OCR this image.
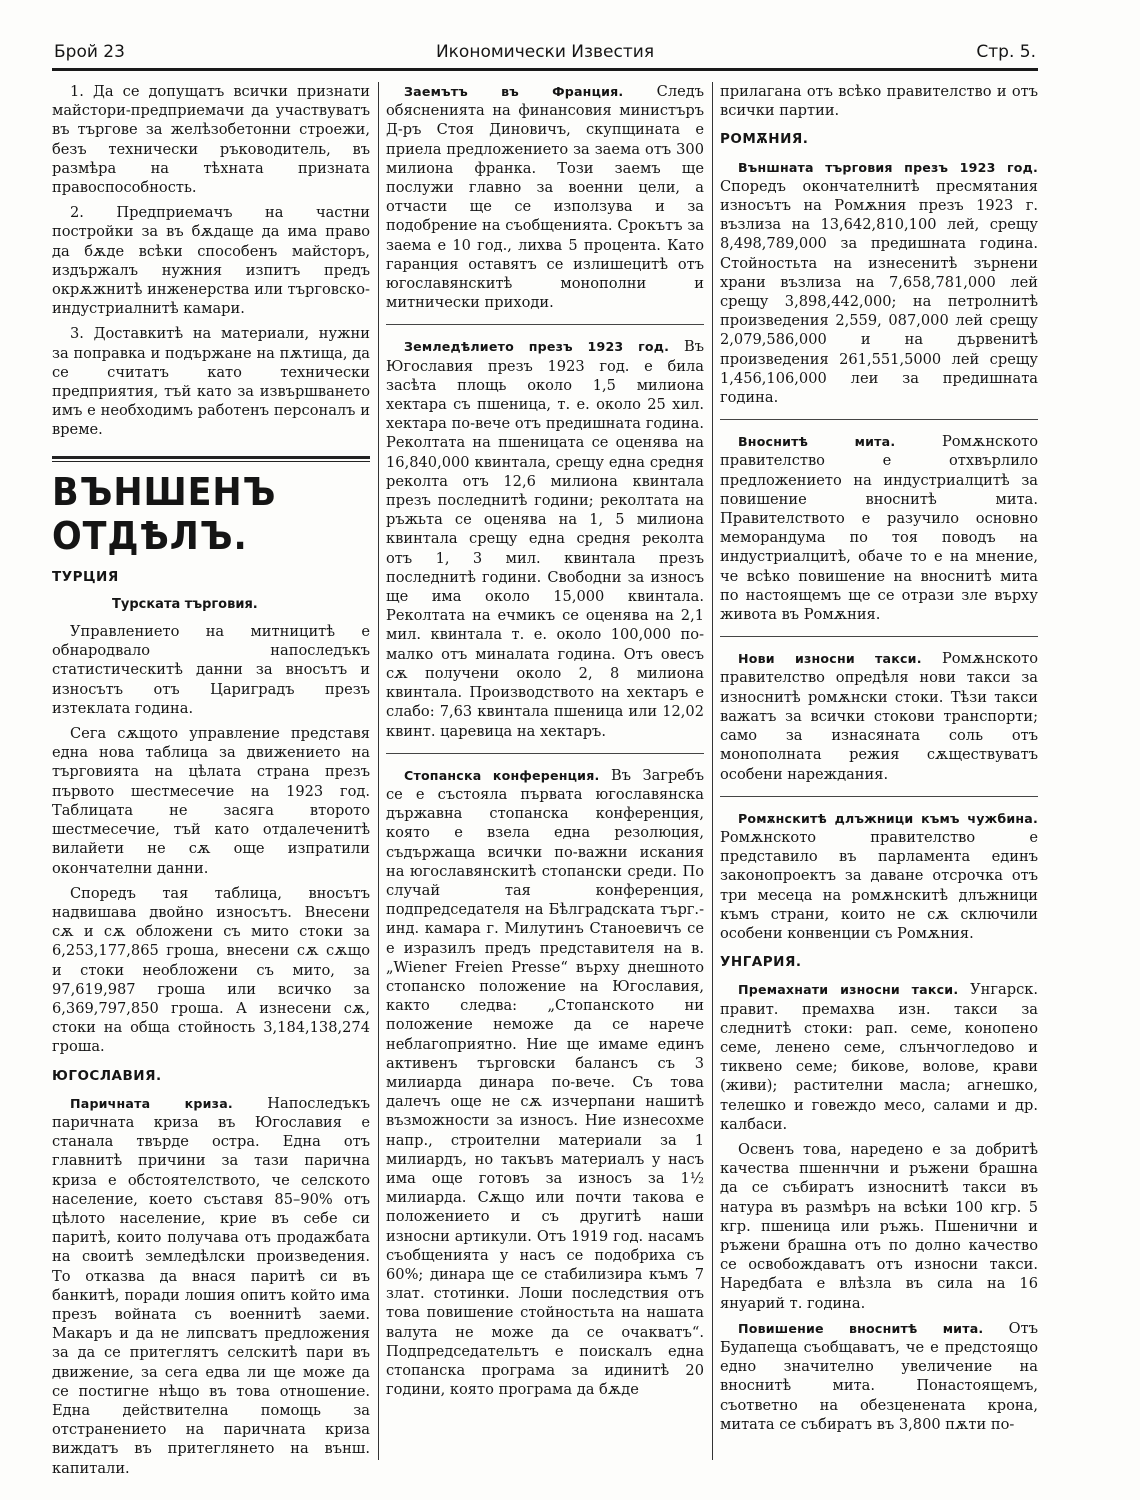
Брой 23	Икономически Известия	Стр. 5.

1. Да се допущатъ всички признати майстори-предприемачи да участвуватъ въ търгове за желѣзобетонни строежи, безъ технически ръководитель, въ размѣра на тѣхната призната правоспособность.

2. Предприемачъ на частни постройки за въ бѫдаще да има право да бѫде всѣки способенъ майсторъ, издържалъ нужния изпитъ предъ окрѫжнитѣ инженерства или търговско-индустриалнитѣ камари.

3. Доставкитѣ на материали, нужни за поправка и подържане на пѫтища, да се считатъ като технически предприятия, тъй като за извършването имъ е необходимъ работенъ персоналъ и време.

ВЪНШЕНЪ ОТДѢЛЪ.
ТУРЦИЯ
Турската търговия.

Управлението на митницитѣ е обнародвало напоследъкъ статистическитѣ данни за вносътъ и износътъ отъ Цариградъ презъ изтеклата година.

Сега сѫщото управление представя една нова таблица за движението на търговията на цѣлата страна презъ първото шестмесечие на 1923 год. Таблицата не засяга второто шестмесечие, тъй като отдалеченитѣ вилайети не сѫ още изпратили окончателни данни.

Споредъ тая таблица, вносътъ надвишава двойно износътъ. Внесени сѫ и сѫ обложени съ мито стоки за 6,253,177,865 гроша, внесени сѫ сѫщо и стоки необложени съ мито, за 97,619,987 гроша или всичко за 6,369,797,850 гроша. А изнесени сѫ, стоки на обща стойность 3,184,138,274 гроша.

ЮГОСЛАВИЯ.

Паричната криза. Напоследъкъ паричната криза въ Югославия е станала твърде остра. Една отъ главнитѣ причини за тази парична криза е обстоятелството, че селското население, което съставя 85–90% отъ цѣлото население, крие въ себе си паритѣ, които получава отъ продажбата на своитѣ земледѣлски произведения. То отказва да внася паритѣ си въ банкитѣ, поради лошия опитъ който има презъ войната съ военнитѣ заеми. Макаръ и да не липсватъ предложения за да се притеглятъ селскитѣ пари въ движение, за сега едва ли ще може да се постигне нѣщо въ това отношение. Една действителна помощь за отстранението на паричната криза виждатъ въ притеглянето на външ. капитали.

Заемътъ въ Франция. Следъ обясненията на финансовия министъръ Д-ръ Стоя Диновичъ, скупщината е приела предложението за заема отъ 300 милиона франка. Този заемъ ще послужи главно за военни цели, а отчасти ще се използува и за подобрение на съобщенията. Срокътъ за заема е 10 год., лихва 5 процента. Като гаранция оставятъ се излишецитѣ отъ югославянскитѣ монополни и митнически приходи.

Земледѣлието презъ 1923 год. Въ Югославия презъ 1923 год. е била засѣта площь около 1,5 милиона хектара съ пшеница, т. е. около 25 хил. хектара по-вече отъ предишната година. Реколтата на пшеницата се оценява на 16,840,000 квинтала, срещу една средня реколта отъ 12,6 милиона квинтала презъ последнитѣ години; реколтата на ръжьта се оценява на 1, 5 милиона квинтала срещу една средня реколта отъ 1, 3 мил. квинтала презъ последнитѣ години. Свободни за износъ ще има около 15,000 квинтала. Реколтата на ечмикъ се оценява на 2,1 мил. квинтала т. е. около 100,000 по-малко отъ миналата година. Отъ овесъ сѫ получени около 2, 8 милиона квинтала. Производството на хектаръ е слабо: 7,63 квинтала пшеница или 12,02 квинт. царевица на хектаръ.

Стопанска конференция. Въ Загребъ се е състояла първата югославянска държавна стопанска конференция, която е взела една резолюция, съдържаща всички по-важни искания на югославянскитѣ стопански среди. По случай тая конференция, подпредседателя на Бѣлградската търг.-инд. камара г. Милутинъ Станоевичъ се е изразилъ предъ представителя на в. „Wiener Freien Presse“ върху днешното стопанско положение на Югославия, както следва: „Стопанското ни положение неможе да се нарече неблагоприятно. Ние ще имаме единъ активенъ търговски балансъ съ 3 милиарда динара по-вече. Съ това далечъ още не сѫ изчерпани нашитѣ възможности за износъ. Ние изнесохме напр., строителни материали за 1 милиардъ, но такъвъ материалъ у насъ има още готовъ за износъ за 1½ милиарда. Сѫщо или почти такова е положението и съ другитѣ наши износни артикули. Отъ 1919 год. насамъ съобщенията у насъ се подобриха съ 60%; динара ще се стабилизира къмъ 7 злат. стотинки. Лоши последствия отъ това повишение стойностьта на нашата валута не може да се очакватъ“. Подпредседательтъ е поискалъ една стопанска програма за идинитѣ 20 години, която програма да бѫде

прилагана отъ всѣко правителство и отъ всички партии.

РОМѪНИЯ.

Външната търговия презъ 1923 год. Споредъ окончателнитѣ пресмятания износътъ на Ромѫния презъ 1923 г. възлиза на 13,642,810,100 лей, срещу 8,498,789,000 за предишната година. Стойностьта на изнесенитѣ зърнени храни възлиза на 7,658,781,000 лей срещу 3,898,442,000; на петролнитѣ произведения 2,559, 087,000 лей срещу 2,079,586,000 и на дървенитѣ произведения 261,551,5000 лей срещу 1,456,106,000 леи за предишната година.

Вноснитѣ мита.	Ромѫнското правителство е отхвърлило предложението на индустриалцитѣ за повишение вноснитѣ мита. Правителството е разучило основно меморандума по тоя поводъ на индустриалцитѣ, обаче то е на мнение, че всѣко повишение на вноснитѣ мита по настоящемъ ще се отрази зле върху живота въ Ромѫния.

Нови износни такси. Ромѫнското правителство опредѣля нови такси за износнитѣ ромѫнски стоки. Тѣзи такси важатъ за всички стокови транспорти; само за изнасяната соль отъ монополната режия сѫществуватъ особени нареждания.

Ромѫнскитѣ длъжници къмъ чужбина. Ромѫнското правителство е представило въ парламента единъ законопроектъ за даване отсрочка отъ три месеца на ромѫнскитѣ длъжници къмъ страни, които не сѫ сключили особени конвенции съ Ромѫния.

УНГАРИЯ.

Премахнати износни такси. Унгарск. правит. премахва изн. такси за следнитѣ стоки: рап. семе, конопено семе, ленено семе, слънчогледово и тиквено семе; бикове, волове, крави (живи); растителни масла; агнешко, телешко и говеждо месо, салами и др. калбаси.

Освенъ това, наредено е за добритѣ качества пшеннчни и ръжени брашна да се събиратъ износнитѣ такси въ натура въ размѣръ на всѣки 100 кгр. 5 кгр. пшеница или ръжь. Пшенични и ръжени брашна отъ по долно качество се освобождаватъ отъ износни такси. Наредбата е влѣзла въ сила на 16 януарий т. година.

Повишение вноснитѣ мита. Отъ Будапеща съобщаватъ, че е предстоящо едно значително увеличение на вноснитѣ мита. Понастоящемъ, съответно на обезценената крона, митата се събиратъ въ 3,800 пѫти по-
